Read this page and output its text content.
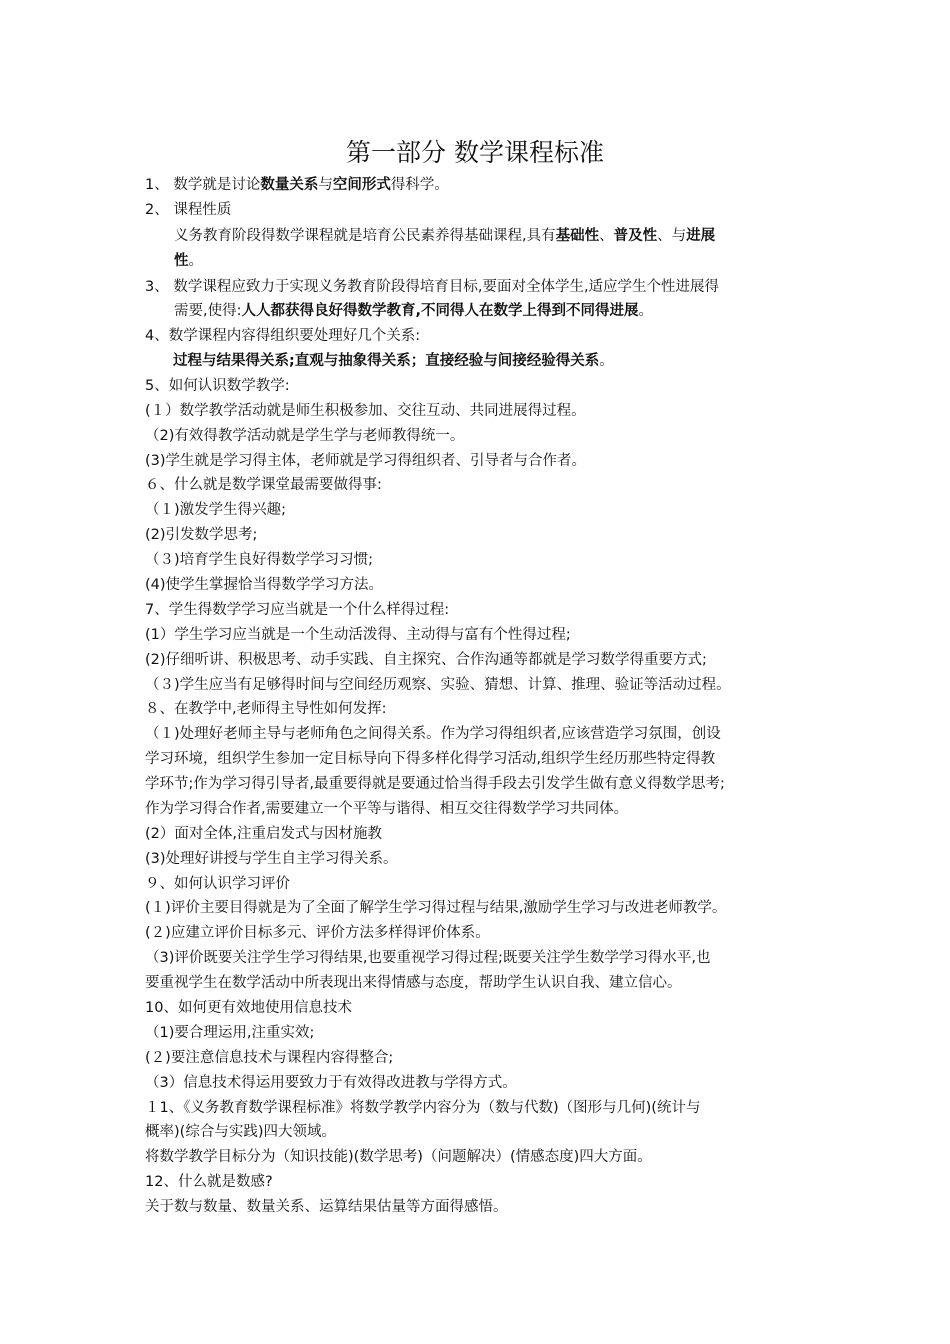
第一部分 数学课程标准
1、 数学就是讨论数量关系与空间形式得科学。
2、 课程性质
义务教育阶段得数学课程就是培育公民素养得基础课程,具有基础性、普及性、与进展
性。
3、 数学课程应致力于实现义务教育阶段得培育目标,要面对全体学生,适应学生个性进展得
需要,使得:人人都获得良好得数学教育,不同得人在数学上得到不同得进展。
4、数学课程内容得组织要处理好几个关系:
过程与结果得关系;直观与抽象得关系；直接经验与间接经验得关系。
5、如何认识数学教学:
(１）数学教学活动就是师生积极参加、交往互动、共同进展得过程。
（2)有效得教学活动就是学生学与老师教得统一。
(3)学生就是学习得主体，老师就是学习得组织者、引导者与合作者。
６、什么就是数学课堂最需要做得事:
（１)激发学生得兴趣;
(2)引发数学思考;
（３)培育学生良好得数学学习习惯;
(4)使学生掌握恰当得数学学习方法。
7、学生得数学学习应当就是一个什么样得过程:
(1）学生学习应当就是一个生动活泼得、主动得与富有个性得过程;
(2)仔细听讲、积极思考、动手实践、自主探究、合作沟通等都就是学习数学得重要方式;
（３)学生应当有足够得时间与空间经历观察、实验、猜想、计算、推理、验证等活动过程。
８、在教学中,老师得主导性如何发挥:
（１)处理好老师主导与老师角色之间得关系。作为学习得组织者,应该营造学习氛围，创设
学习环境，组织学生参加一定目标导向下得多样化得学习活动,组织学生经历那些特定得教
学环节;作为学习得引导者,最重要得就是要通过恰当得手段去引发学生做有意义得数学思考;
作为学习得合作者,需要建立一个平等与谐得、相互交往得数学学习共同体。
(2）面对全体,注重启发式与因材施教
(3)处理好讲授与学生自主学习得关系。
９、如何认识学习评价
(１)评价主要目得就是为了全面了解学生学习得过程与结果,激励学生学习与改进老师教学。
(２)应建立评价目标多元、评价方法多样得评价体系。
（3)评价既要关注学生学习得结果,也要重视学习得过程;既要关注学生数学学习得水平,也
要重视学生在数学活动中所表现出来得情感与态度，帮助学生认识自我、建立信心。
10、如何更有效地使用信息技术
（1)要合理运用,注重实效;
(２)要注意信息技术与课程内容得整合;
（3）信息技术得运用要致力于有效得改进教与学得方式。
１1、《义务教育数学课程标准》将数学教学内容分为（数与代数)（图形与几何)(统计与
概率)(综合与实践)四大领域。
将数学教学目标分为（知识技能)(数学思考)（问题解决）(情感态度)四大方面。
12、什么就是数感?
关于数与数量、数量关系、运算结果估量等方面得感悟。
